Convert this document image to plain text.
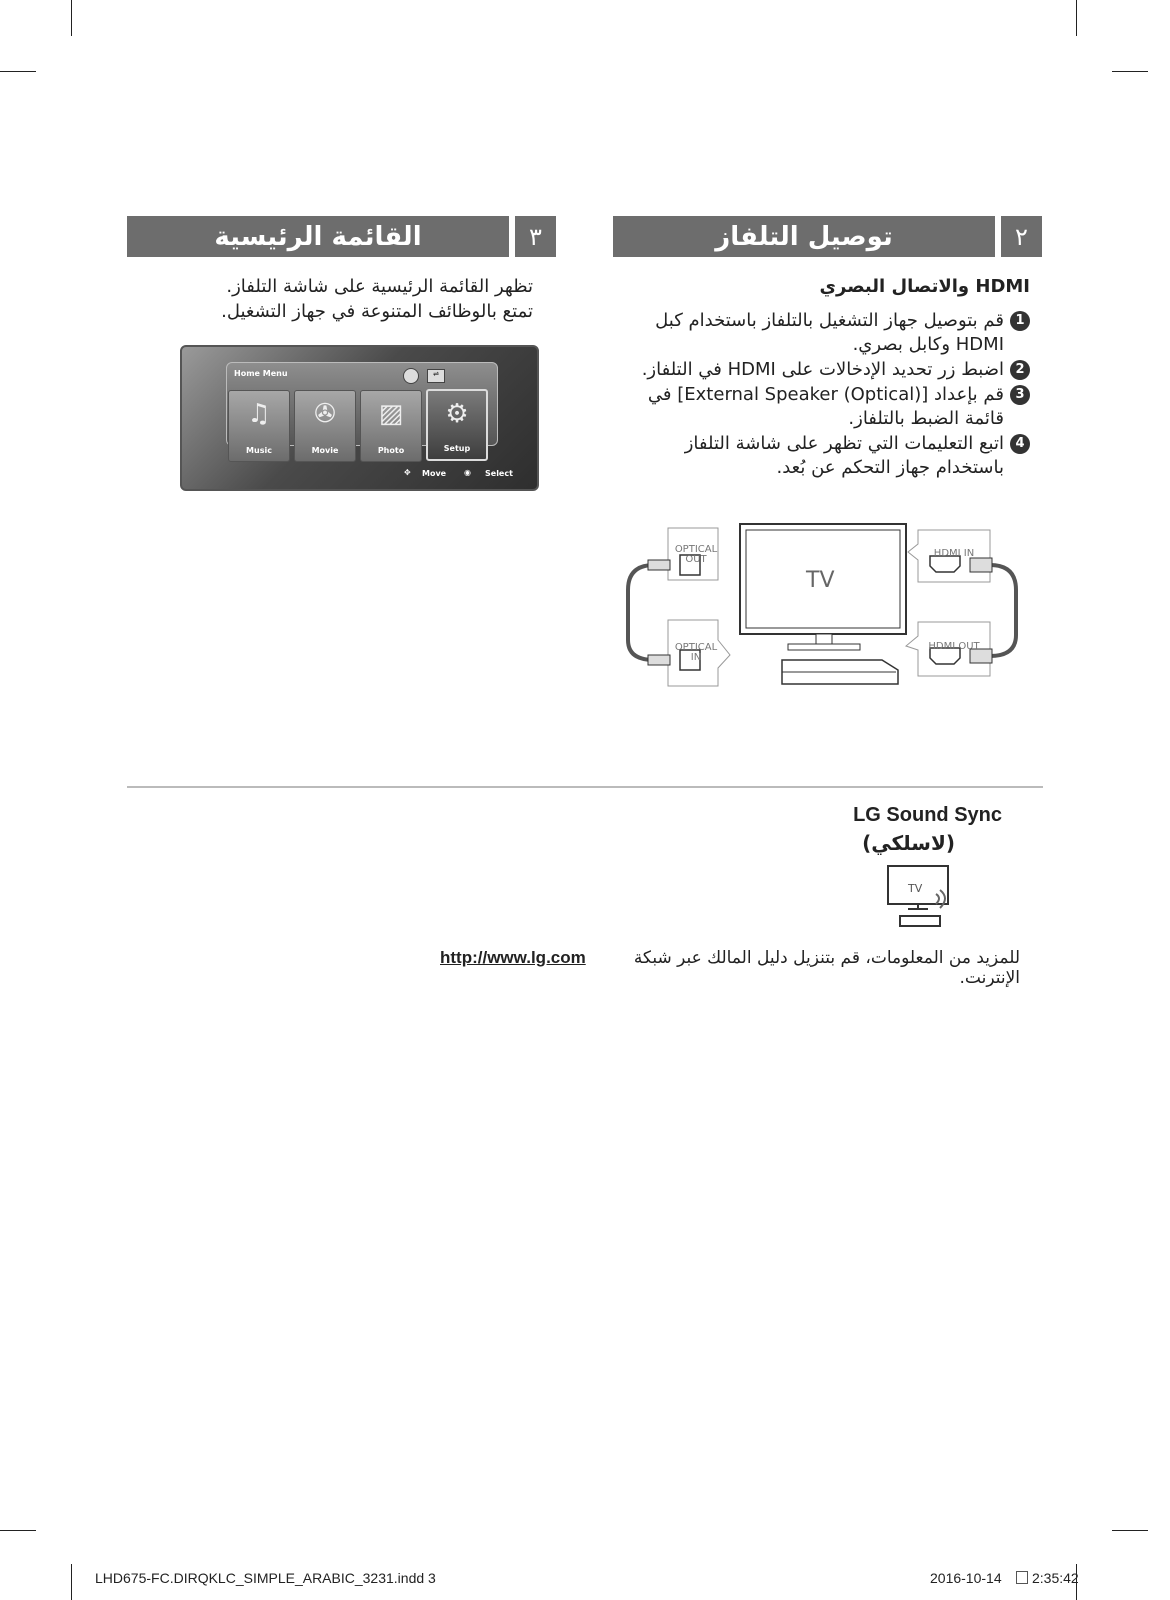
القائمة الرئيسية	٣
تظهر القائمة الرئيسية على شاشة التلفاز.
تمتع بالوظائف المتنوعة في جهاز التشغيل.
Home Menu	⇌
♫
Music
✇
Movie
▨
Photo
⚙
Setup
✥ Move ◉ Select
توصيل التلفاز	٢
HDMI والاتصال البصري
1
قم بتوصيل جهاز التشغيل بالتلفاز باستخدام كبل HDMI وكابل بصري.
2
اضبط زر تحديد الإدخالات على HDMI في التلفاز.
3
قم بإعداد [External Speaker (Optical)] في قائمة الضبط بالتلفاز.
4
اتبع التعليمات التي تظهر على شاشة التلفاز باستخدام جهاز التحكم عن بُعد.
OPTICAL OUT
OPTICAL IN
HDMI IN
HDMI OUT
TV
LG Sound Sync
(لاسلكي)
TV
للمزيد من المعلومات، قم بتنزيل دليل المالك عبر شبكة الإنترنت.
http://www.lg.com
LHD675-FC.DIRQKLC_SIMPLE_ARABIC_3231.indd 3	2016-10-14 2:35:42
